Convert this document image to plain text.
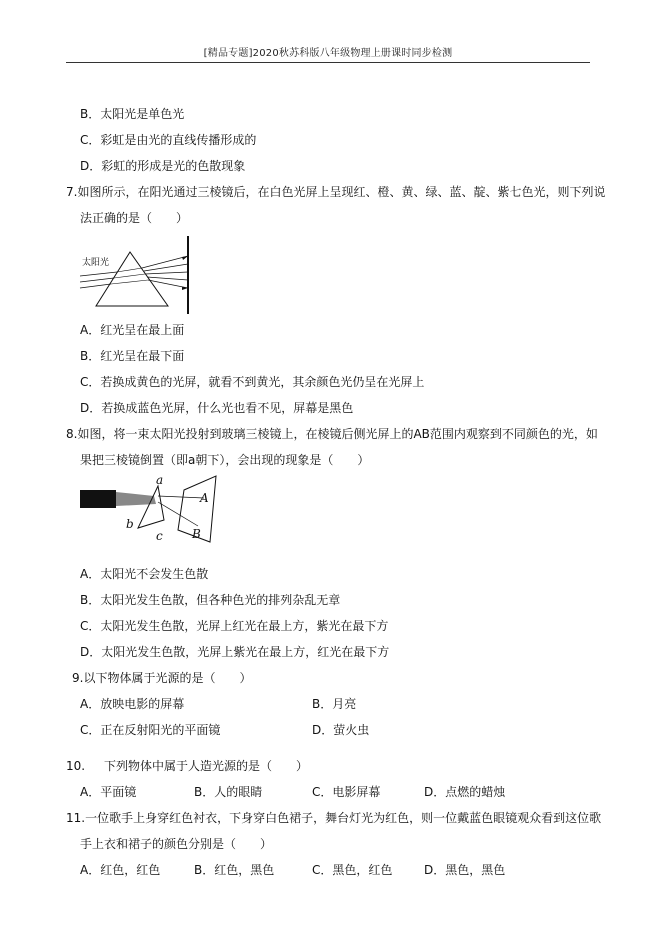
[精品专题]2020秋苏科版八年级物理上册课时同步检测
B．太阳光是单色光
C．彩虹是由光的直线传播形成的
D．彩虹的形成是光的色散现象
7.如图所示，在阳光通过三棱镜后，在白色光屏上呈现红、橙、黄、绿、蓝、靛、紫七色光，则下列说
法正确的是（　　）
太阳光
A．红光呈在最上面
B．红光呈在最下面
C．若换成黄色的光屏，就看不到黄光，其余颜色光仍呈在光屏上
D．若换成蓝色光屏，什么光也看不见，屏幕是黑色
8.如图，将一束太阳光投射到玻璃三棱镜上，在棱镜后侧光屏上的AB范围内观察到不同颜色的光，如
果把三棱镜倒置（即a朝下），会出现的现象是（　　）
a
b
c
A
B
A．太阳光不会发生色散
B．太阳光发生色散，但各种色光的排列杂乱无章
C．太阳光发生色散，光屏上红光在最上方，紫光在最下方
D．太阳光发生色散，光屏上紫光在最上方，红光在最下方
9.以下物体属于光源的是（　　）
A．放映电影的屏幕	B．月亮
C．正在反射阳光的平面镜	D．萤火虫
10. 下列物体中属于人造光源的是（　　）
A．平面镜	B．人的眼睛	C．电影屏幕	D．点燃的蜡烛
11.一位歌手上身穿红色衬衣，下身穿白色裙子，舞台灯光为红色，则一位戴蓝色眼镜观众看到这位歌
手上衣和裙子的颜色分别是（　　）
A．红色，红色	B．红色，黑色	C．黑色，红色	D．黑色，黑色
